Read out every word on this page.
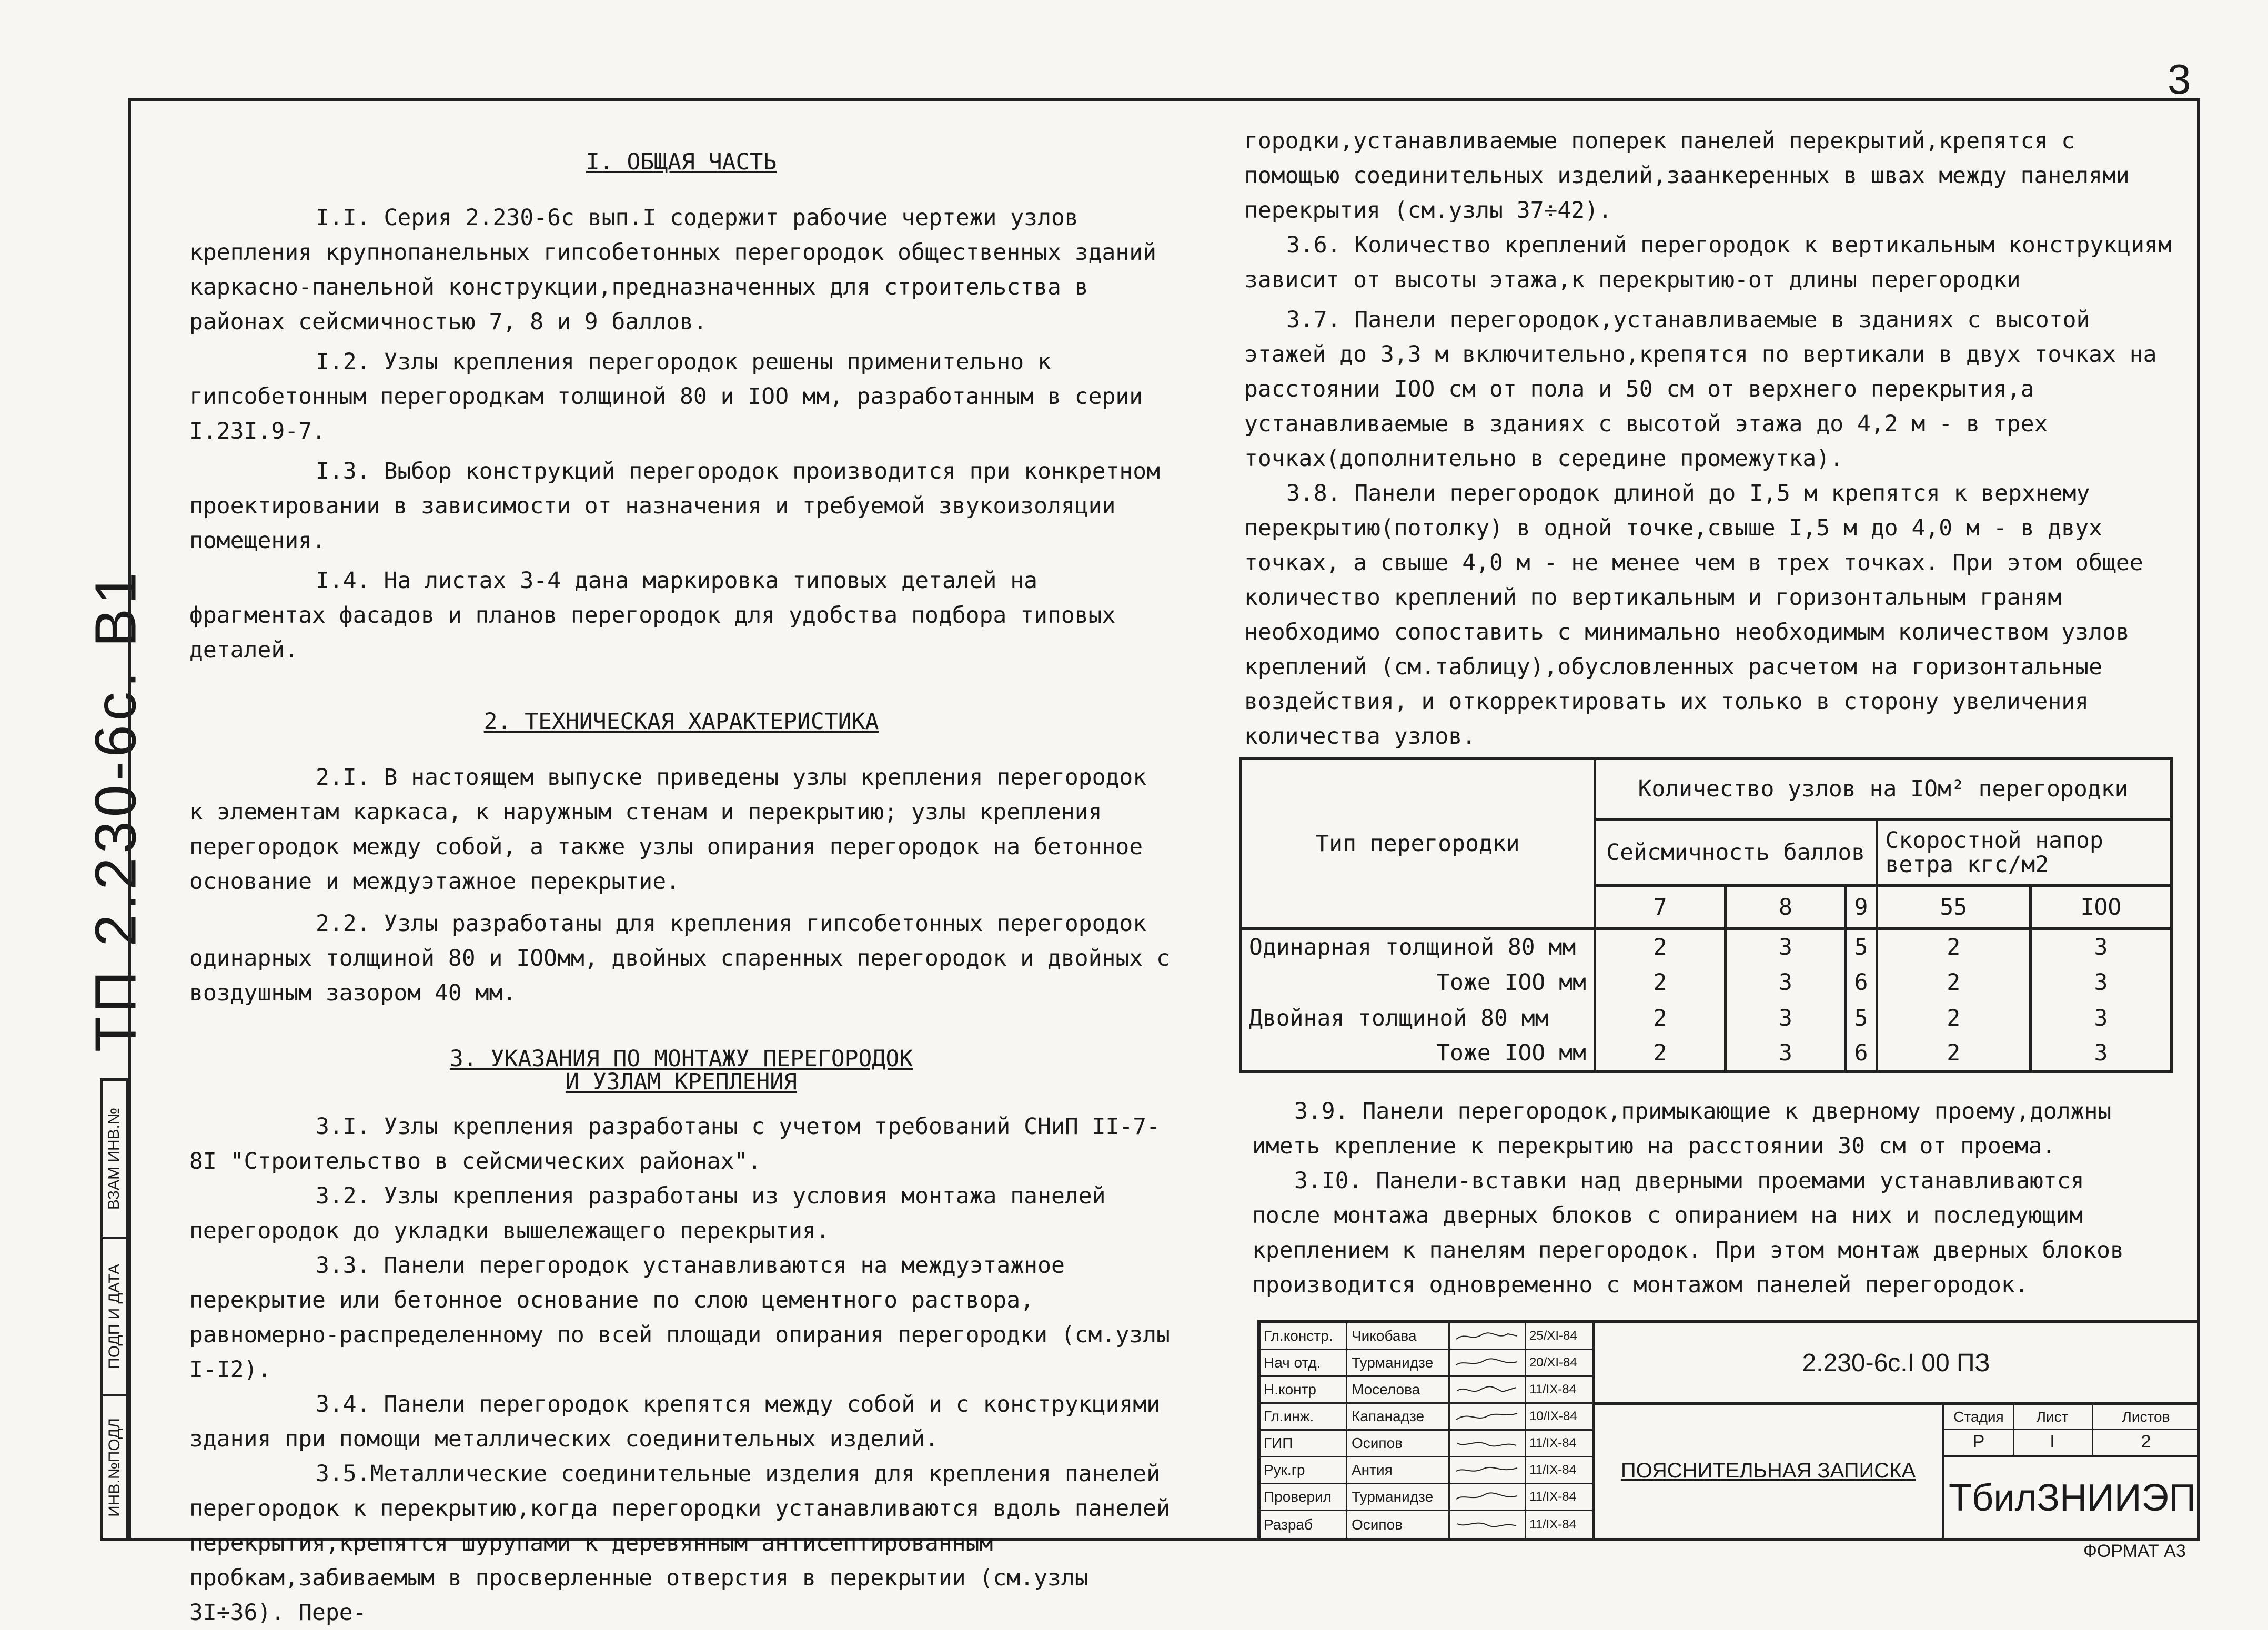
3
ТП 2.230-6с. В1
ВЗАМ ИНВ.№
ПОДП И ДАТА
ИНВ.№ПОДЛ

I. ОБЩАЯ ЧАСТЬ

I.I. Серия 2.230-6с вып.I содержит рабочие чертежи узлов крепления крупнопанельных гипсобетонных перегородок общественных зданий каркасно-панельной конструкции,предназначенных для строительства в районах сейсмичностью 7, 8 и 9 баллов.

I.2. Узлы крепления перегородок решены применительно к гипсобетонным перегородкам толщиной 80 и IOO мм, разработанным в серии I.23I.9-7.

I.3. Выбор конструкций перегородок производится при конкретном проектировании в зависимости от назначения и требуемой звукоизоляции помещения.

I.4. На листах 3-4 дана маркировка типовых деталей на фрагментах фасадов и планов перегородок для удобства подбора типовых деталей.

2. ТЕХНИЧЕСКАЯ ХАРАКТЕРИСТИКА

2.I. В настоящем выпуске приведены узлы крепления перегородок к элементам каркаса, к наружным стенам и перекрытию; узлы крепления перегородок между собой, а также узлы опирания перегородок на бетонное основание и междуэтажное перекрытие.

2.2. Узлы разработаны для крепления гипсобетонных перегородок одинарных толщиной 80 и IOOмм, двойных спаренных перегородок и двойных с воздушным зазором 40 мм.

3. УКАЗАНИЯ ПО МОНТАЖУ ПЕРЕГОРОДОК

И УЗЛАМ КРЕПЛЕНИЯ

3.I. Узлы крепления разработаны с учетом требований СНиП II-7-8I "Строительство в сейсмических районах".

3.2. Узлы крепления разработаны из условия монтажа панелей перегородок до укладки вышележащего перекрытия.

3.3. Панели перегородок устанавливаются на междуэтажное перекрытие или бетонное основание по слою цементного раствора, равномерно-распределенному по всей площади опирания перегородки (см.узлы I-I2).

3.4. Панели перегородок крепятся между собой и с конструкциями здания при помощи металлических соединительных изделий.

3.5.Металлические соединительные изделия для крепления панелей перегородок к перекрытию,когда перегородки устанавливаются вдоль панелей перекрытия,крепятся шурупами к деревянным антисептированным пробкам,забиваемым в просверленные отверстия в перекрытии (см.узлы 3I÷36). Пере-

городки,устанавливаемые поперек панелей перекрытий,крепятся с помощью соединительных изделий,заанкеренных в швах между панелями перекрытия (см.узлы 37÷42).

3.6. Количество креплений перегородок к вертикальным конструкциям зависит от высоты этажа,к перекрытию-от длины перегородки

3.7. Панели перегородок,устанавливаемые в зданиях с высотой этажей до 3,3 м включительно,крепятся по вертикали в двух точках на расстоянии IOO см от пола и 50 см от верхнего перекрытия,а устанавливаемые в зданиях с высотой этажа до 4,2 м - в трех точках(дополнительно в середине промежутка).

3.8. Панели перегородок длиной до I,5 м крепятся к верхнему перекрытию(потолку) в одной точке,свыше I,5 м до 4,0 м - в двух точках, а свыше 4,0 м - не менее чем в трех точках. При этом общее количество креплений по вертикальным и горизонтальным граням необходимо сопоставить с минимально необходимым количеством узлов креплений (см.таблицу),обусловленных расчетом на горизонтальные воздействия, и откорректировать их только в сторону увеличения количества узлов.

Тип перегородки	Количество узлов на IOм² перегородки				
	Сейсмичность баллов			Скоростной напор ветра кгс/м2	
	7	8	9	55	IOO
Одинарная толщиной 80 мм	2	3	5	2	3
Тоже IOO мм	2	3	6	2	3
Двойная толщиной 80 мм	2	3	5	2	3
Тоже IOO мм	2	3	6	2	3

3.9. Панели перегородок,примыкающие к дверному проему,должны иметь крепление к перекрытию на расстоянии 30 см от проема.

3.I0. Панели-вставки над дверными проемами устанавливаются после монтажа дверных блоков с опиранием на них и последующим креплением к панелям перегородок. При этом монтаж дверных блоков производится одновременно с монтажом панелей перегородок.

Гл.констр.	Чикобава	25/XI-84
Нач отд.	Турманидзе	20/XI-84
Н.контр	Моселова	11/IX-84
Гл.инж.	Капанадзе	10/IX-84
ГИП	Осипов	11/IX-84
Рук.гр	Антия	11/IX-84
Проверил	Турманидзе	11/IX-84
Разраб	Осипов	11/IX-84
2.230-6с.I 00 ПЗ
ПОЯСНИТЕЛЬНАЯ ЗАПИСКА
Стадия	Лист	Листов
Р	I	2
ТбилЗНИИЭП
ФОРМАТ А3
